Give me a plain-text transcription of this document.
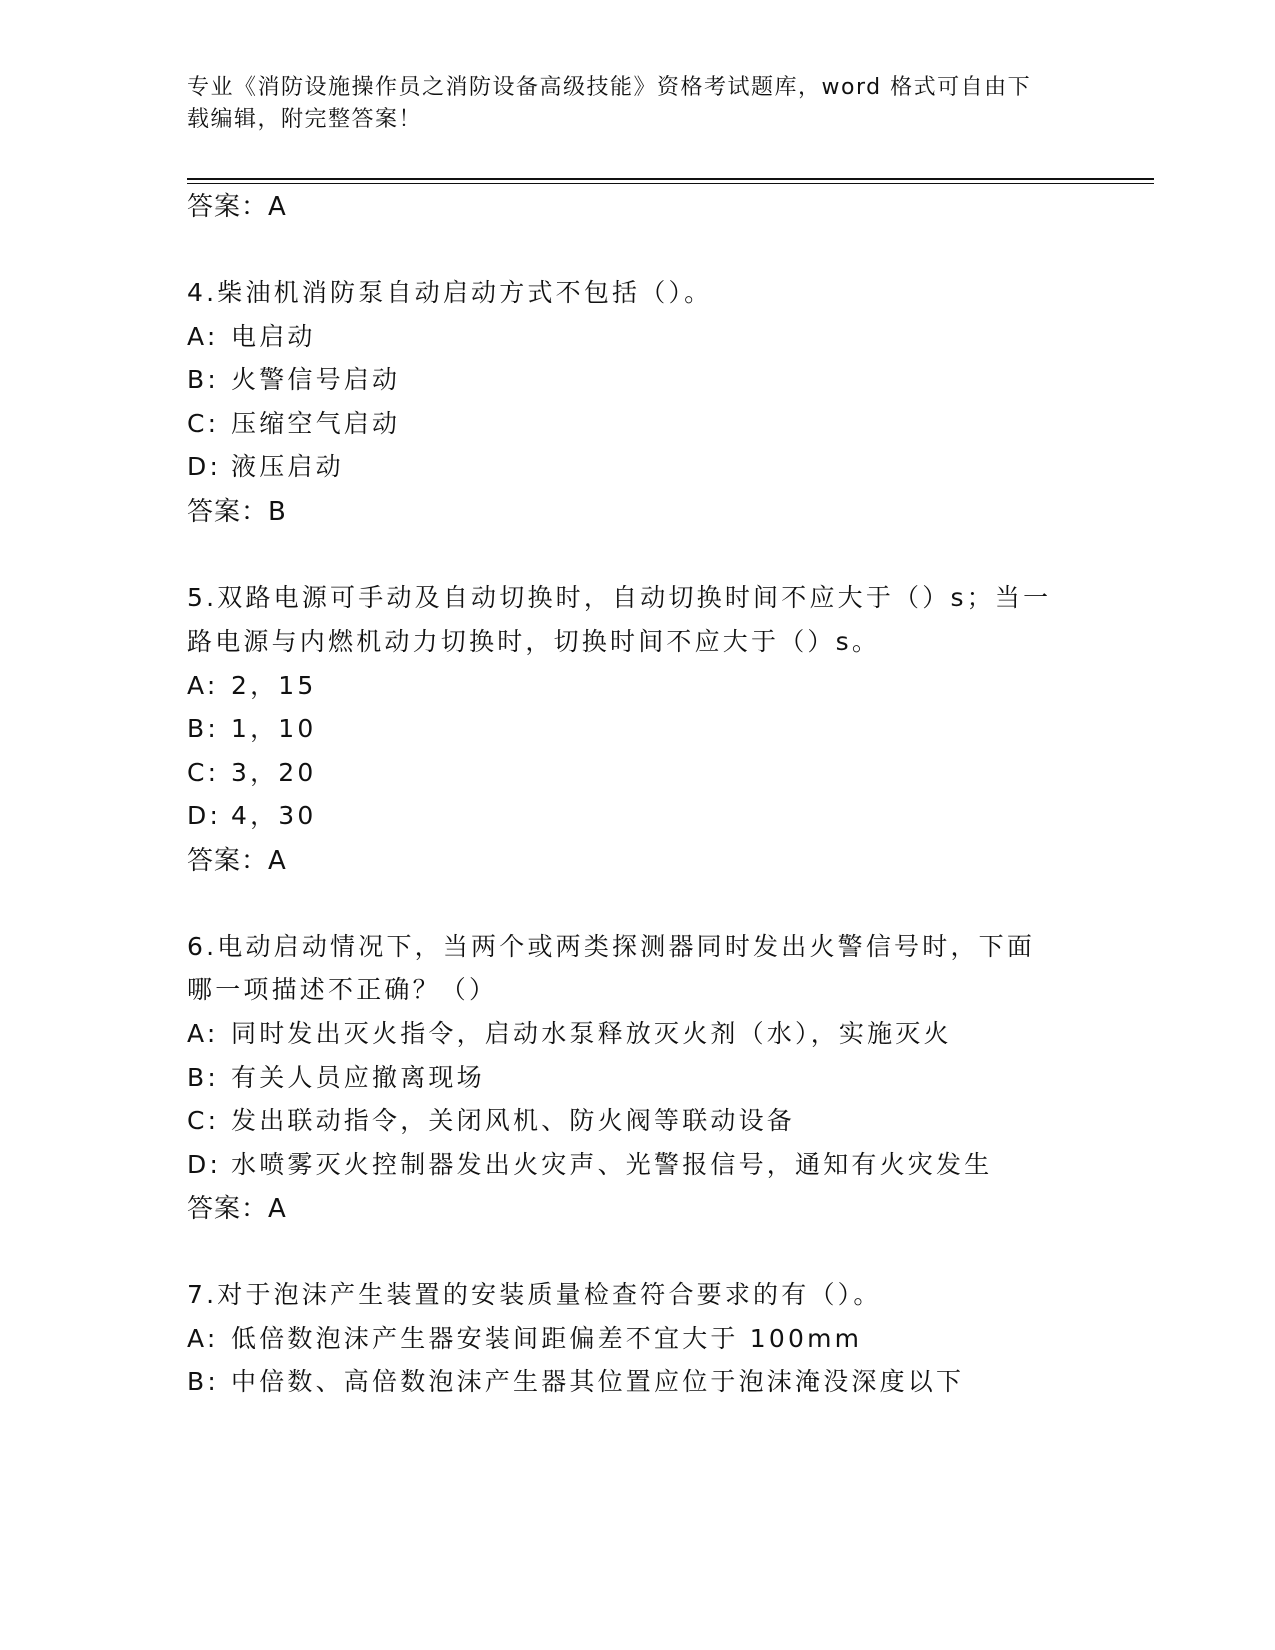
专业《消防设施操作员之消防设备高级技能》资格考试题库，word 格式可自由下
载编辑，附完整答案！
答案：A
4.柴油机消防泵自动启动方式不包括（）。
A: 电启动
B: 火警信号启动
C: 压缩空气启动
D: 液压启动
答案：B
5.双路电源可手动及自动切换时，自动切换时间不应大于（）s；当一
路电源与内燃机动力切换时，切换时间不应大于（）s。
A: 2，15
B: 1，10
C: 3，20
D: 4，30
答案：A
6.电动启动情况下，当两个或两类探测器同时发出火警信号时，下面
哪一项描述不正确？（）
A: 同时发出灭火指令，启动水泵释放灭火剂（水），实施灭火
B: 有关人员应撤离现场
C: 发出联动指令，关闭风机、防火阀等联动设备
D: 水喷雾灭火控制器发出火灾声、光警报信号，通知有火灾发生
答案：A
7.对于泡沫产生装置的安装质量检查符合要求的有（）。
A: 低倍数泡沫产生器安装间距偏差不宜大于 100mm
B: 中倍数、高倍数泡沫产生器其位置应位于泡沫淹没深度以下
